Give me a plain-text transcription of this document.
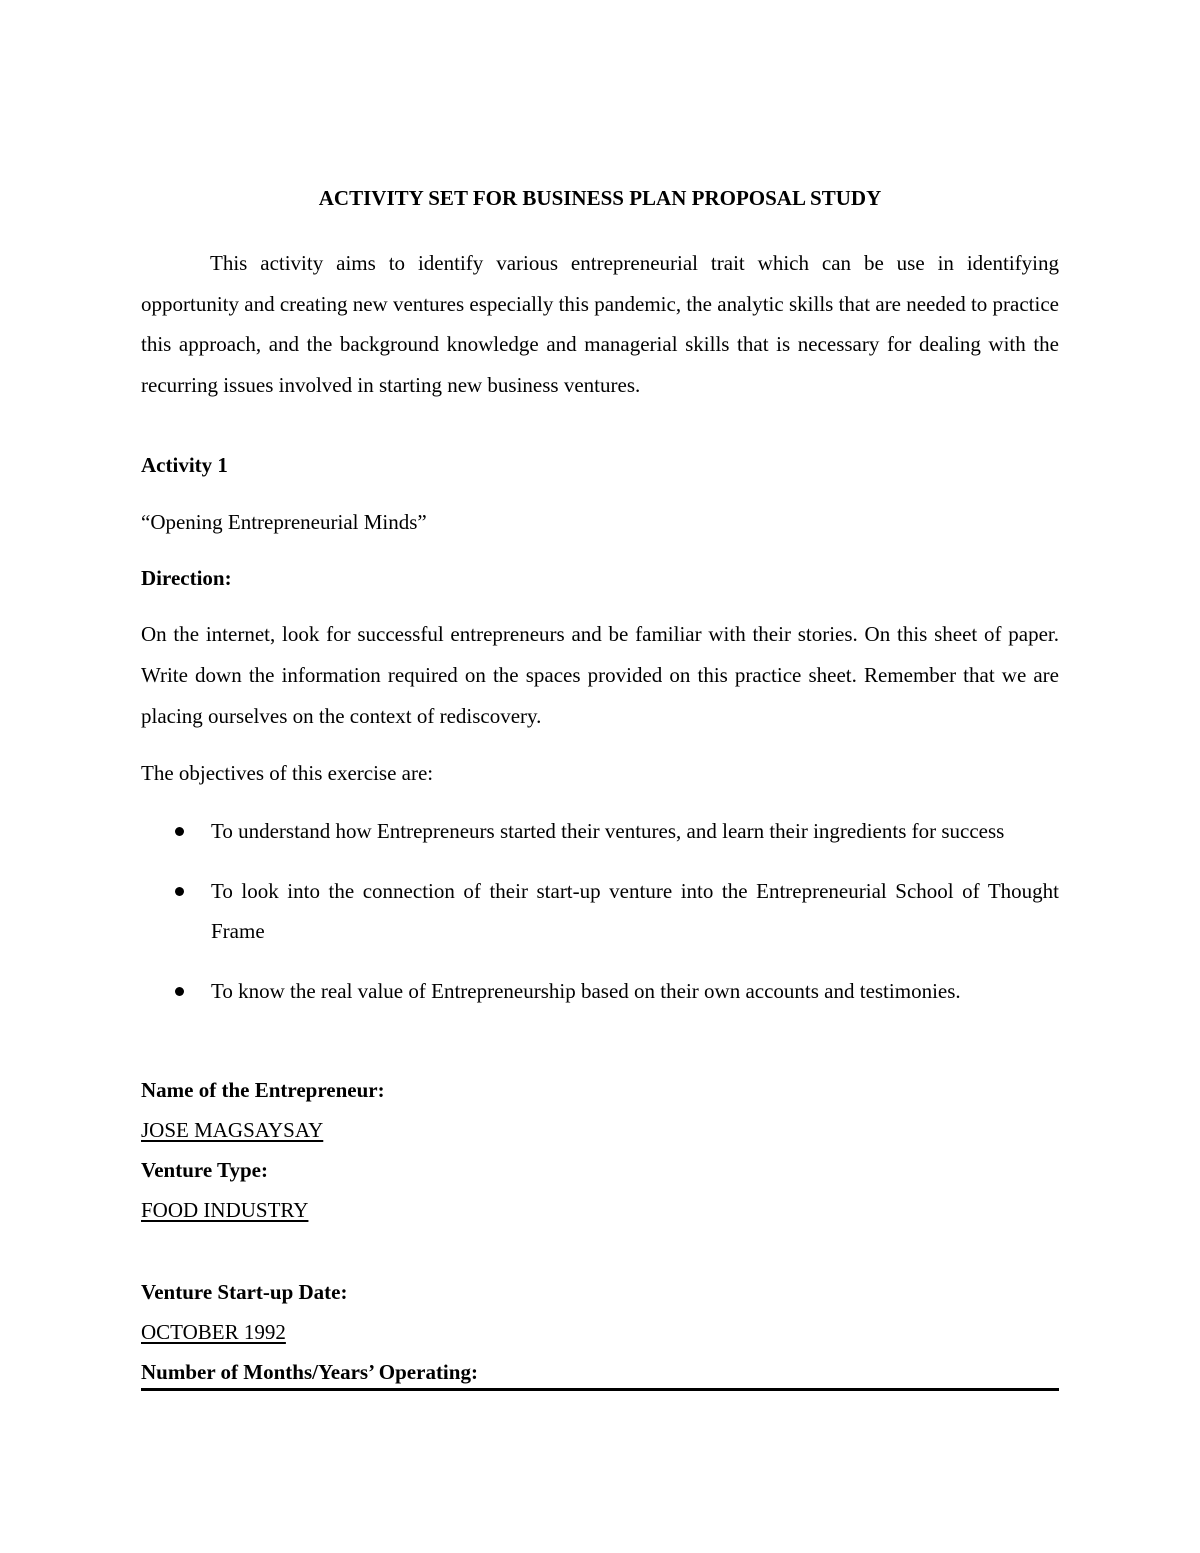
ACTIVITY SET FOR BUSINESS PLAN PROPOSAL STUDY

This activity aims to identify various entrepreneurial trait which can be use in identifying opportunity and creating new ventures especially this pandemic, the analytic skills that are needed to practice this approach, and the background knowledge and managerial skills that is necessary for dealing with the recurring issues involved in starting new business ventures.

Activity 1

“Opening Entrepreneurial Minds”

Direction:

On the internet, look for successful entrepreneurs and be familiar with their stories. On this sheet of paper. Write down the information required on the spaces provided on this practice sheet. Remember that we are placing ourselves on the context of rediscovery.

The objectives of this exercise are:

To understand how Entrepreneurs started their ventures, and learn their ingredients for success
To look into the connection of their start-up venture into the Entrepreneurial School of Thought Frame
To know the real value of Entrepreneurship based on their own accounts and testimonies.

Name of the Entrepreneur:

JOSE MAGSAYSAY

Venture Type:

FOOD INDUSTRY

Venture Start-up Date:

OCTOBER 1992

Number of Months/Years’ Operating:
